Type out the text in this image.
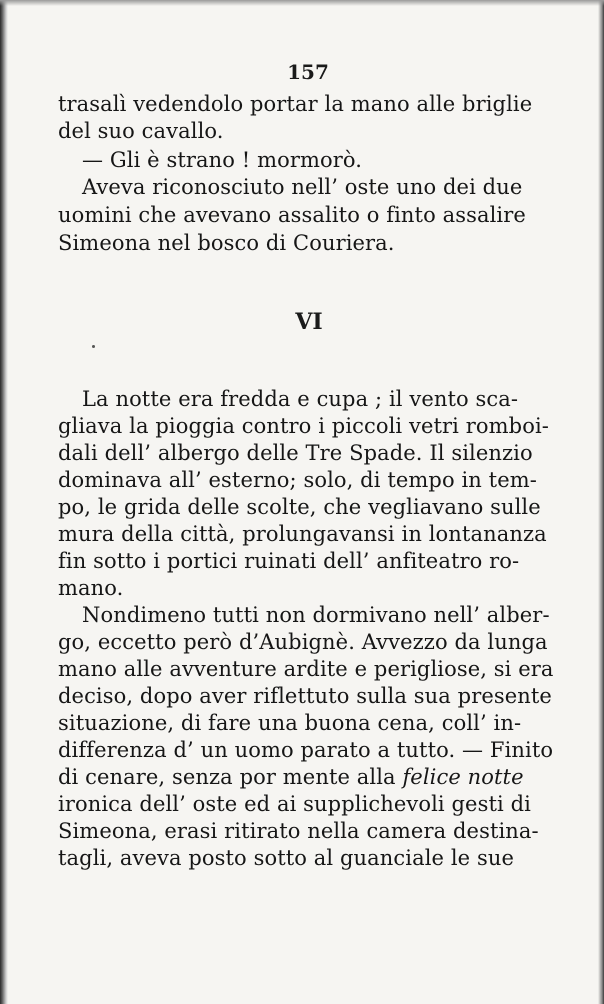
157
trasalì vedendolo portar la mano alle briglie
del suo cavallo.
— Gli è strano ! mormorò.
Aveva riconosciuto nell’ oste uno dei due
uomini che avevano assalito o finto assalire
Simeona nel bosco di Couriera.
VI
La notte era fredda e cupa ; il vento sca-
gliava la pioggia contro i piccoli vetri romboi-
dali dell’ albergo delle Tre Spade. Il silenzio
dominava all’ esterno; solo, di tempo in tem-
po, le grida delle scolte, che vegliavano sulle
mura della città, prolungavansi in lontananza
fin sotto i portici ruinati dell’ anfiteatro ro-
mano.
Nondimeno tutti non dormivano nell’ alber-
go, eccetto però d’Aubignè. Avvezzo da lunga
mano alle avventure ardite e perigliose, si era
deciso, dopo aver riflettuto sulla sua presente
situazione, di fare una buona cena, coll’ in-
differenza d’ un uomo parato a tutto. — Finito
di cenare, senza por mente alla felice notte
ironica dell’ oste ed ai supplichevoli gesti di
Simeona, erasi ritirato nella camera destina-
tagli, aveva posto sotto al guanciale le sue
